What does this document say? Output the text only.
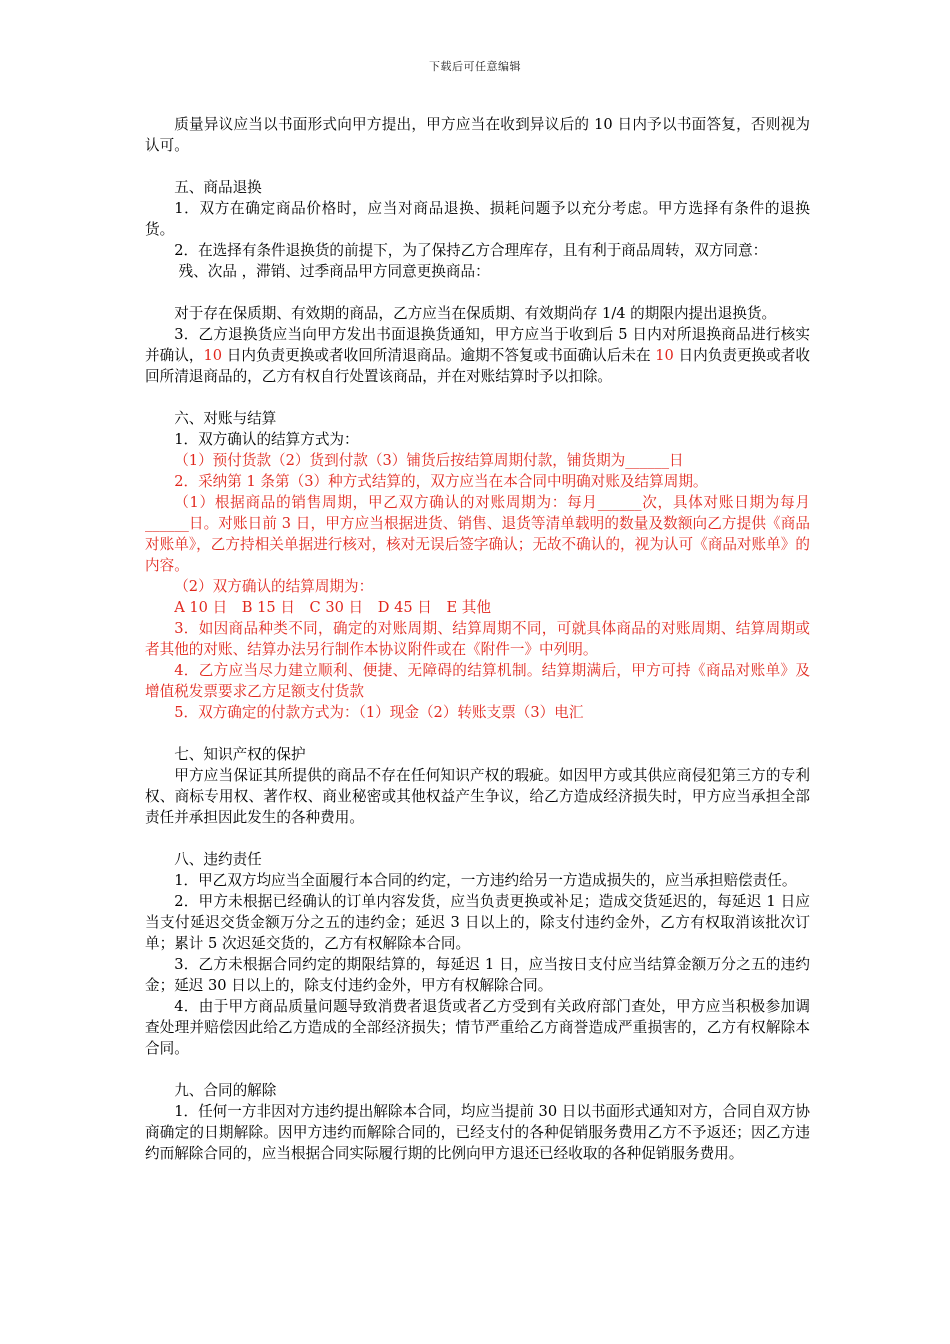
下载后可任意编辑

质量异议应当以书面形式向甲方提出，甲方应当在收到异议后的 10 日内予以书面答复，否则视为认可。

五、商品退换

1．双方在确定商品价格时，应当对商品退换、损耗问题予以充分考虑。甲方选择有条件的退换货。

2．在选择有条件退换货的前提下，为了保持乙方合理库存，且有利于商品周转，双方同意：

残、次品 ，滞销、过季商品甲方同意更换商品：

对于存在保质期、有效期的商品，乙方应当在保质期、有效期尚存 1/4 的期限内提出退换货。

3．乙方退换货应当向甲方发出书面退换货通知，甲方应当于收到后 5 日内对所退换商品进行核实并确认，10 日内负责更换或者收回所清退商品。逾期不答复或书面确认后未在 10 日内负责更换或者收回所清退商品的，乙方有权自行处置该商品，并在对账结算时予以扣除。

六、对账与结算

1．双方确认的结算方式为：

（1）预付货款（2）货到付款（3）铺货后按结算周期付款，铺货期为______日

2．采纳第 1 条第（3）种方式结算的，双方应当在本合同中明确对账及结算周期。

（1）根据商品的销售周期，甲乙双方确认的对账周期为：每月______次，具体对账日期为每月______日。对账日前 3 日，甲方应当根据进货、销售、退货等清单载明的数量及数额向乙方提供《商品对账单》，乙方持相关单据进行核对，核对无误后签字确认；无故不确认的，视为认可《商品对账单》的内容。

（2）双方确认的结算周期为：

A 10 日　B 15 日　C 30 日　D 45 日　E 其他

3．如因商品种类不同，确定的对账周期、结算周期不同，可就具体商品的对账周期、结算周期或者其他的对账、结算办法另行制作本协议附件或在《附件一》中列明。

4．乙方应当尽力建立顺利、便捷、无障碍的结算机制。结算期满后，甲方可持《商品对账单》及增值税发票要求乙方足额支付货款

5．双方确定的付款方式为：（1）现金（2）转账支票（3）电汇

七、知识产权的保护

甲方应当保证其所提供的商品不存在任何知识产权的瑕疵。如因甲方或其供应商侵犯第三方的专利权、商标专用权、著作权、商业秘密或其他权益产生争议，给乙方造成经济损失时，甲方应当承担全部责任并承担因此发生的各种费用。

八、违约责任

1．甲乙双方均应当全面履行本合同的约定，一方违约给另一方造成损失的，应当承担赔偿责任。

2．甲方未根据已经确认的订单内容发货，应当负责更换或补足；造成交货延迟的，每延迟 1 日应当支付延迟交货金额万分之五的违约金；延迟 3 日以上的，除支付违约金外，乙方有权取消该批次订单；累计 5 次迟延交货的，乙方有权解除本合同。

3．乙方未根据合同约定的期限结算的，每延迟 1 日，应当按日支付应当结算金额万分之五的违约金；延迟 30 日以上的，除支付违约金外，甲方有权解除合同。

4．由于甲方商品质量问题导致消费者退货或者乙方受到有关政府部门查处，甲方应当积极参加调查处理并赔偿因此给乙方造成的全部经济损失；情节严重给乙方商誉造成严重损害的，乙方有权解除本合同。

九、合同的解除

1．任何一方非因对方违约提出解除本合同，均应当提前 30 日以书面形式通知对方，合同自双方协商确定的日期解除。因甲方违约而解除合同的，已经支付的各种促销服务费用乙方不予返还；因乙方违约而解除合同的，应当根据合同实际履行期的比例向甲方退还已经收取的各种促销服务费用。
